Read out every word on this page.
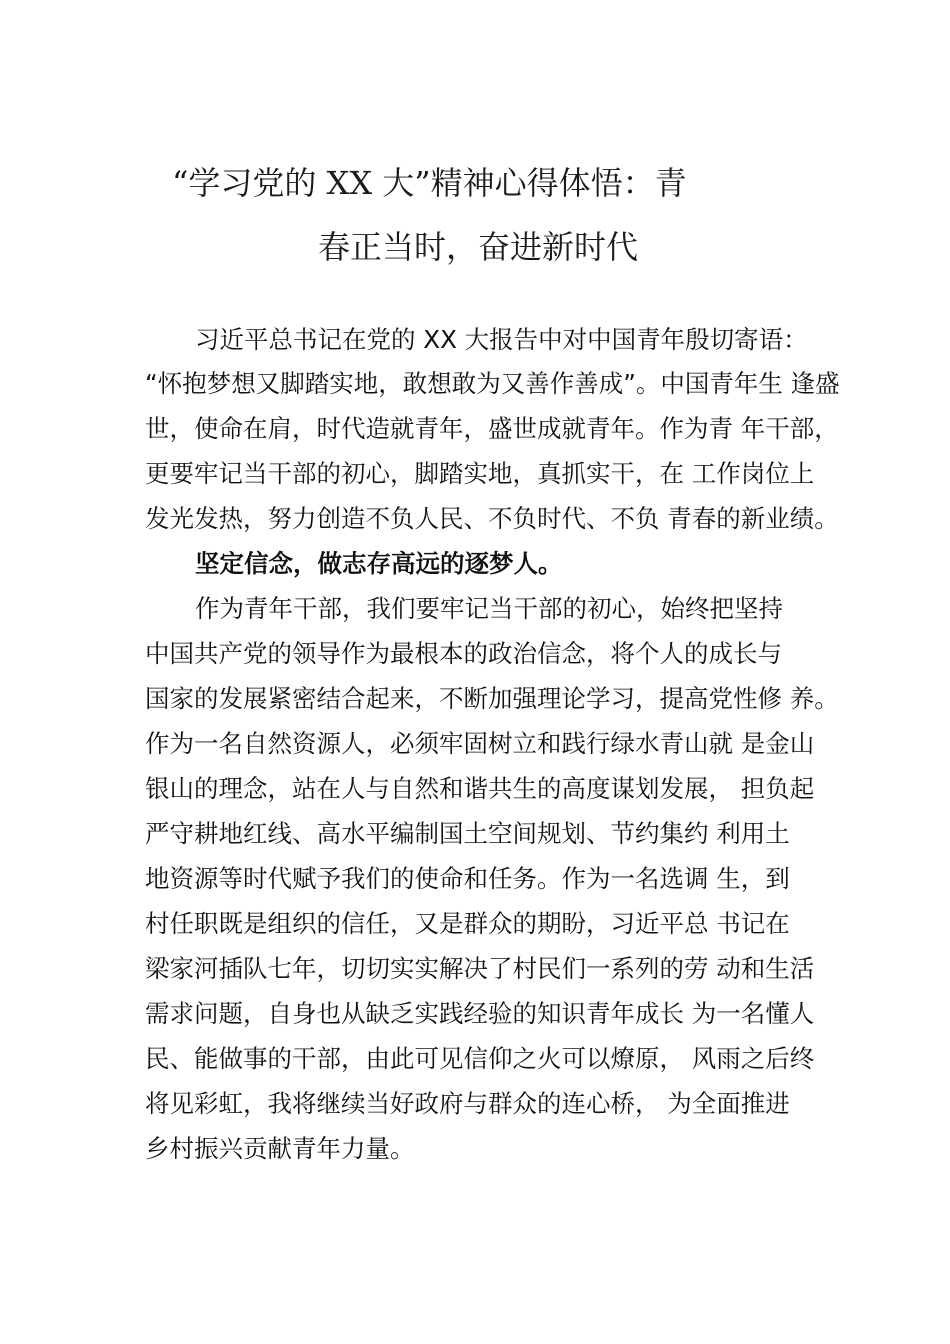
“学习党的 XX 大”精神心得体悟：青
春正当时，奋进新时代
习近平总书记在党的 XX 大报告中对中国青年殷切寄语：
“怀抱梦想又脚踏实地，敢想敢为又善作善成”。中国青年生 逢盛
世，使命在肩，时代造就青年，盛世成就青年。作为青 年干部，
更要牢记当干部的初心，脚踏实地，真抓实干，在 工作岗位上
发光发热，努力创造不负人民、不负时代、不负 青春的新业绩。
坚定信念，做志存高远的逐梦人。
作为青年干部，我们要牢记当干部的初心，始终把坚持
中国共产党的领导作为最根本的政治信念，将个人的成长与
国家的发展紧密结合起来，不断加强理论学习，提高党性修 养。
作为一名自然资源人，必须牢固树立和践行绿水青山就 是金山
银山的理念，站在人与自然和谐共生的高度谋划发展， 担负起
严守耕地红线、高水平编制国土空间规划、节约集约 利用土
地资源等时代赋予我们的使命和任务。作为一名选调 生，到
村任职既是组织的信任，又是群众的期盼，习近平总 书记在
梁家河插队七年，切切实实解决了村民们一系列的劳 动和生活
需求问题，自身也从缺乏实践经验的知识青年成长 为一名懂人
民、能做事的干部，由此可见信仰之火可以燎原， 风雨之后终
将见彩虹，我将继续当好政府与群众的连心桥， 为全面推进
乡村振兴贡献青年力量。
